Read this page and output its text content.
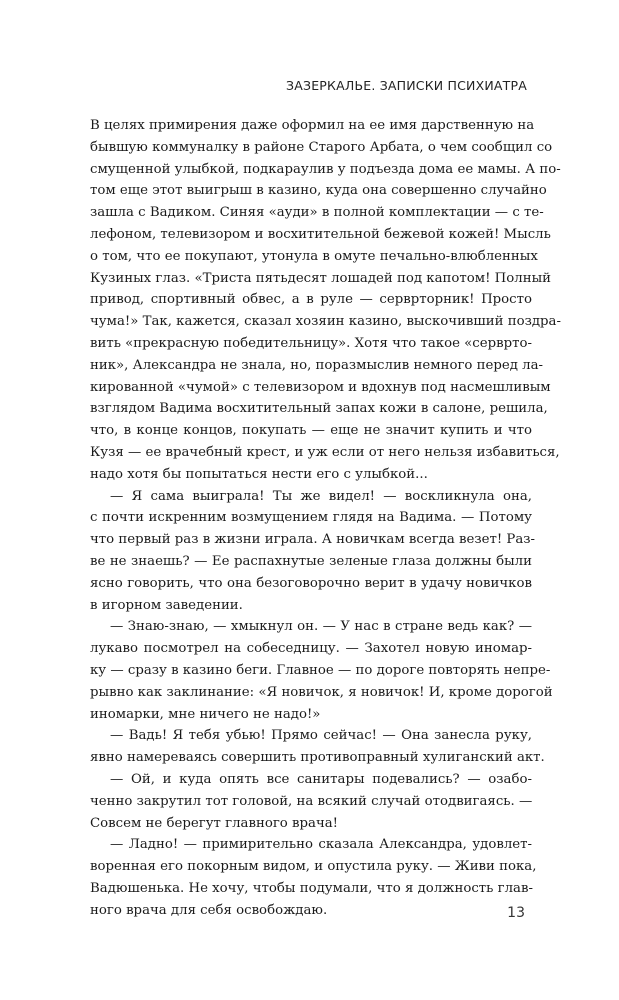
ЗАЗЕРКАЛЬЕ. ЗАПИСКИ ПСИХИАТРА
В целях примирения даже оформил на ее имя дарственную на
бывшую коммуналку в районе Старого Арбата, о чем сообщил со
смущенной улыбкой, подкараулив у подъезда дома ее мамы. А по-
том еще этот выигрыш в казино, куда она совершенно случайно
зашла с Вадиком. Синяя «ауди» в полной комплектации — с те-
лефоном, телевизором и восхитительной бежевой кожей! Мысль
о том, что ее покупают, утонула в омуте печально-влюбленных
Кузиных глаз. «Триста пятьдесят лошадей под капотом! Полный
привод, спортивный обвес, а в руле — серврторник! Просто
чума!» Так, кажется, сказал хозяин казино, выскочивший поздра-
вить «прекрасную победительницу». Хотя что такое «серврто-
ник», Александра не знала, но, поразмыслив немного перед ла-
кированной «чумой» с телевизором и вдохнув под насмешливым
взглядом Вадима восхитительный запах кожи в салоне, решила,
что, в конце концов, покупать — еще не значит купить и что
Кузя — ее врачебный крест, и уж если от него нельзя избавиться,
надо хотя бы попытаться нести его с улыбкой...
— Я сама выиграла! Ты же видел! — воскликнула она,
с почти искренним возмущением глядя на Вадима. — Потому
что первый раз в жизни играла. А новичкам всегда везет! Раз-
ве не знаешь? — Ее распахнутые зеленые глаза должны были
ясно говорить, что она безоговорочно верит в удачу новичков
в игорном заведении.
— Знаю-знаю, — хмыкнул он. — У нас в стране ведь как? —
лукаво посмотрел на собеседницу. — Захотел новую иномар-
ку — сразу в казино беги. Главное — по дороге повторять непре-
рывно как заклинание: «Я новичок, я новичок! И, кроме дорогой
иномарки, мне ничего не надо!»
— Вадь! Я тебя убью! Прямо сейчас! — Она занесла руку,
явно намереваясь совершить противоправный хулиганский акт.
— Ой, и куда опять все санитары подевались? — озабо-
ченно закрутил тот головой, на всякий случай отодвигаясь. —
Совсем не берегут главного врача!
— Ладно! — примирительно сказала Александра, удовлет-
воренная его покорным видом, и опустила руку. — Живи пока,
Вадюшенька. Не хочу, чтобы подумали, что я должность глав-
ного врача для себя освобождаю.	13
